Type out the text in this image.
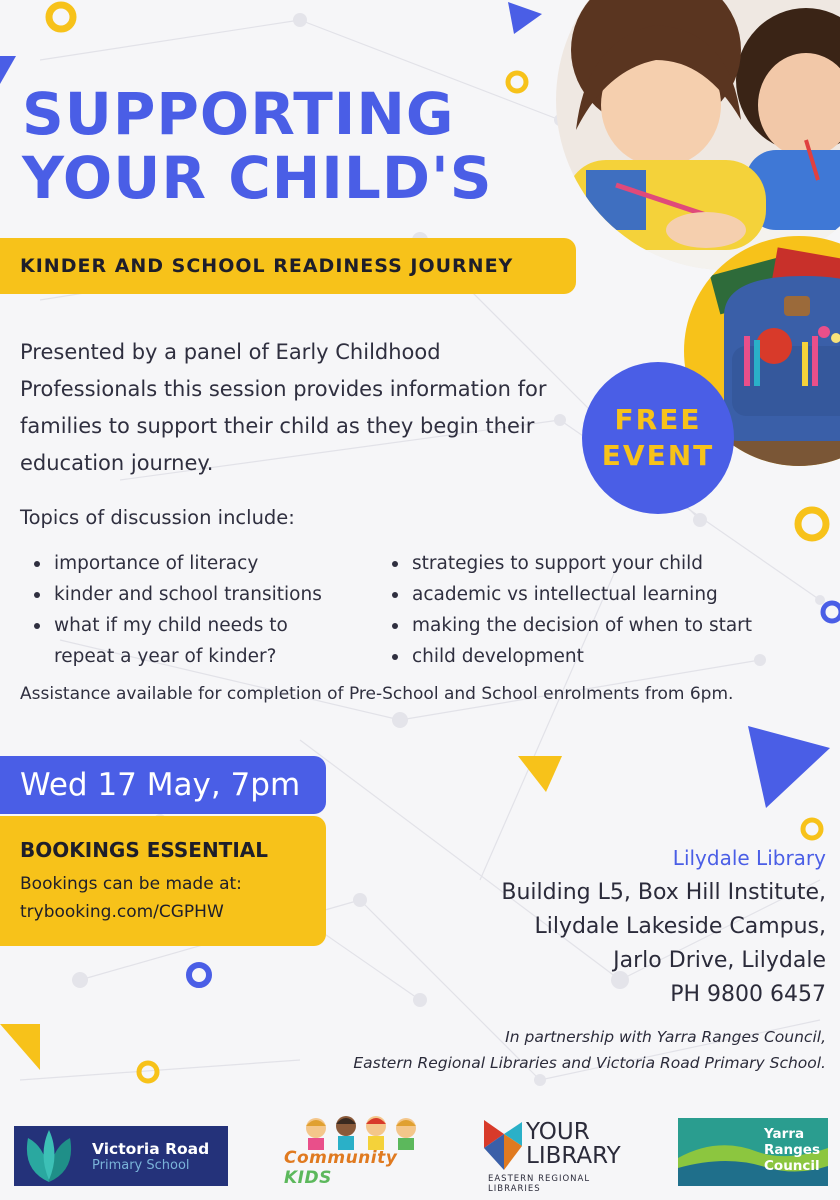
FREE
EVENT
SUPPORTING
YOUR CHILD'S
KINDER AND SCHOOL READINESS JOURNEY
Presented by a panel of Early Childhood Professionals this session provides information for families to support their child as they begin their education journey.
Topics of discussion include:
importance of literacy
kinder and school transitions
what if my child needs to repeat a year of kinder?
strategies to support your child
academic vs intellectual learning
making the decision of when to start
child development
Assistance available for completion of Pre-School and School enrolments from 6pm.
Wed 17 May, 7pm
BOOKINGS ESSENTIAL
Bookings can be made at:
trybooking.com/CGPHW
Lilydale Library
Building L5, Box Hill Institute,
Lilydale Lakeside Campus,
Jarlo Drive, Lilydale
PH 9800 6457
In partnership with Yarra Ranges Council,
Eastern Regional Libraries and Victoria Road Primary School.
Victoria Road
Primary School	Community KIDS
YOUR
LIBRARY
EASTERN REGIONAL LIBRARIES
Yarra
Ranges
Council
